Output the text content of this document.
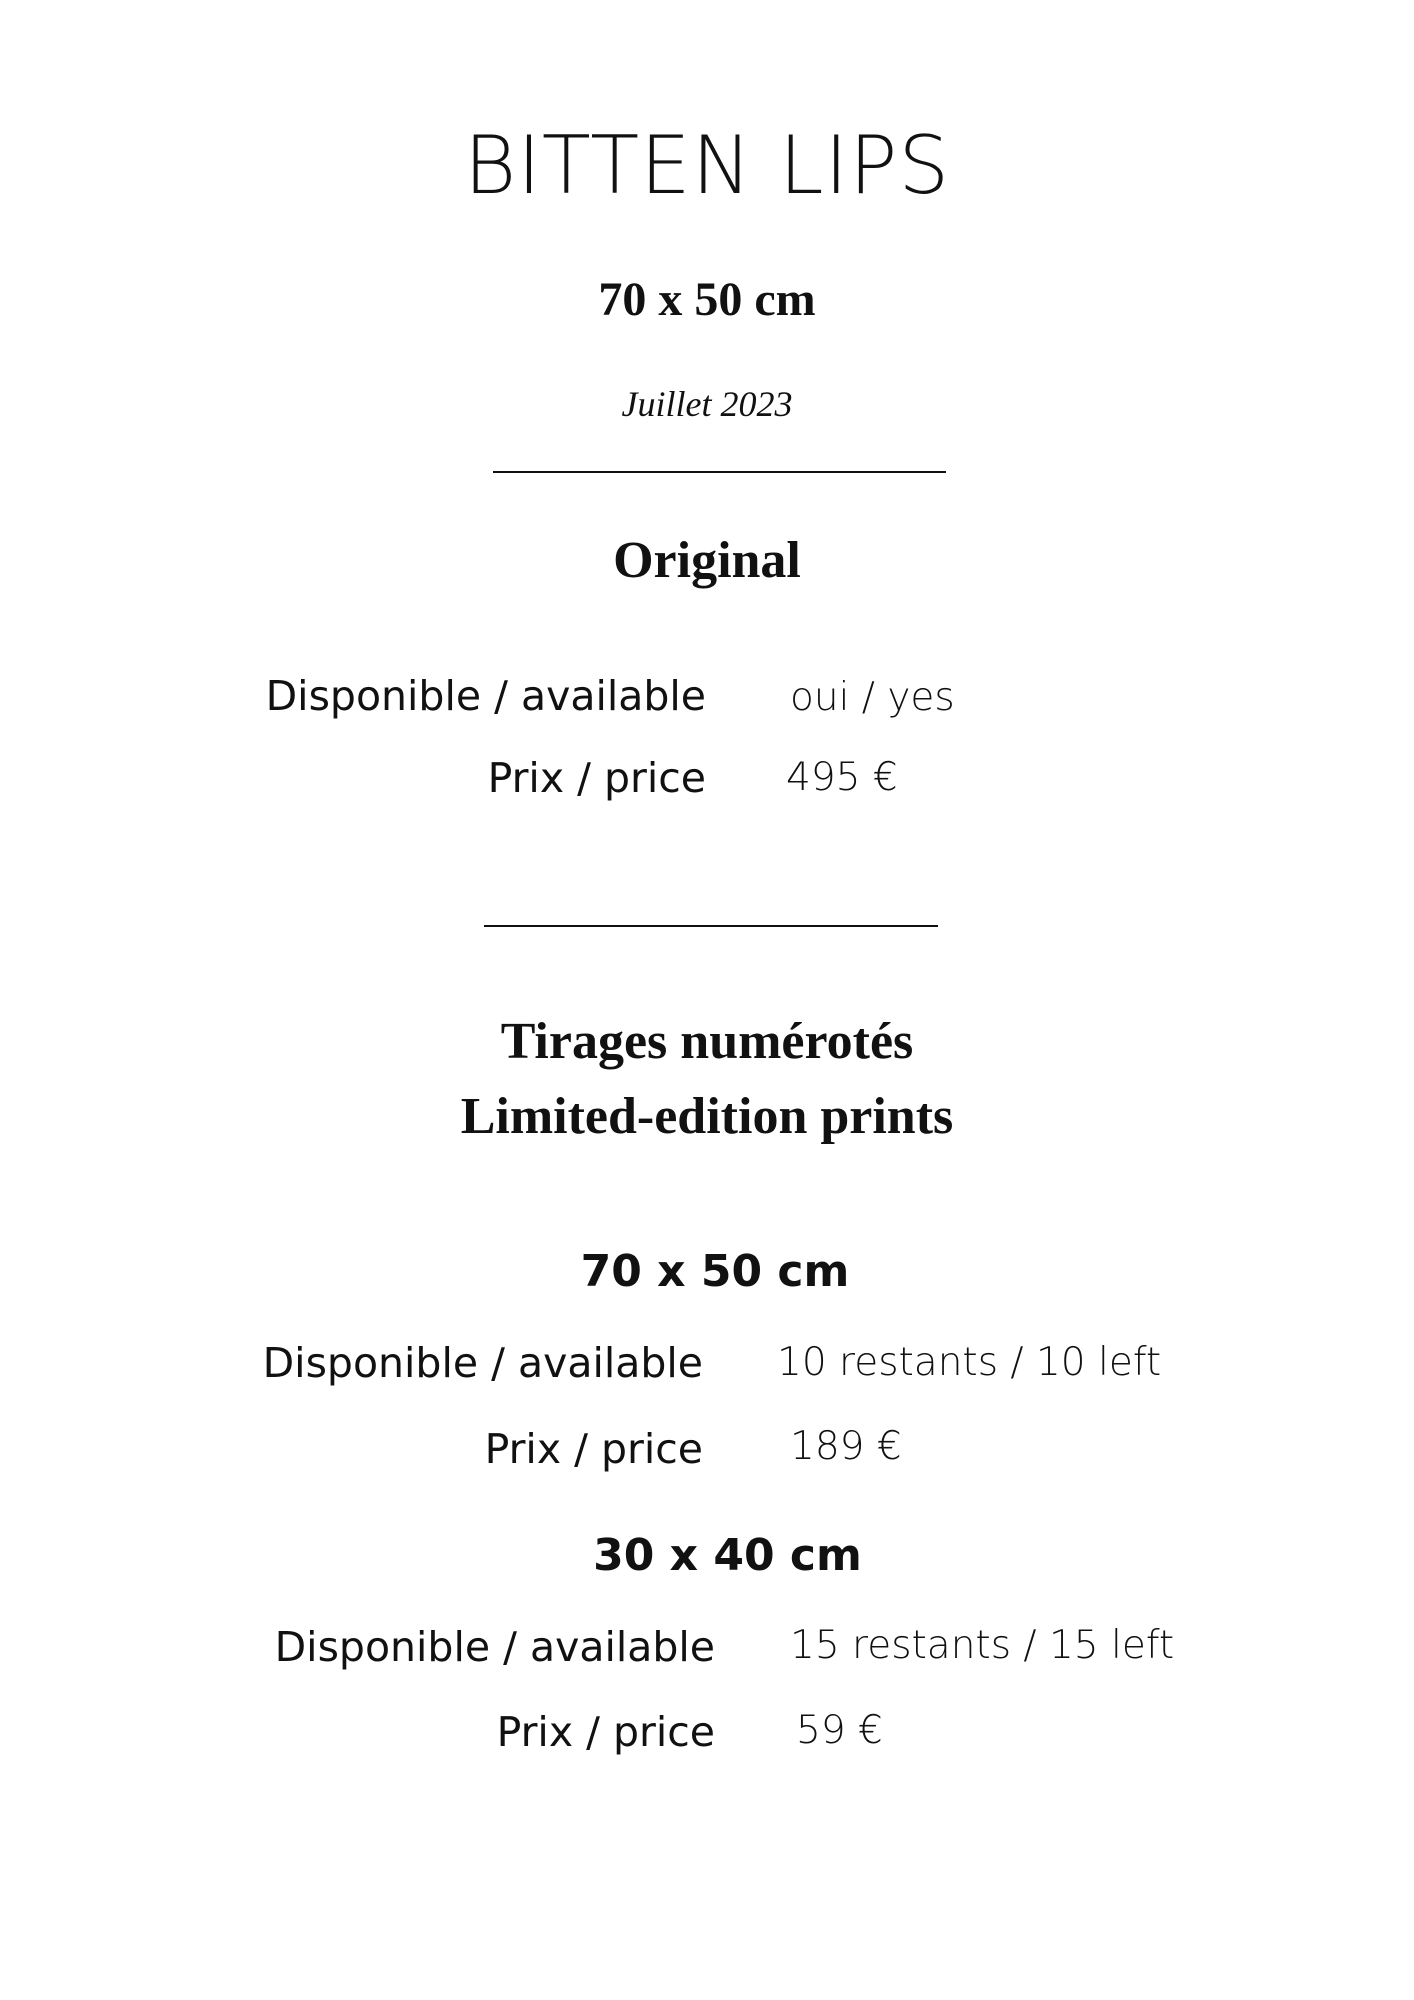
BITTEN LIPS
70 x 50 cm
Juillet 2023
Original
Disponible / available oui / yes
Prix / price 495 €
Tirages numérotés
Limited-edition prints
70 x 50 cm
Disponible / available 10 restants / 10 left
Prix / price 189 €
30 x 40 cm
Disponible / available 15 restants / 15 left
Prix / price 59 €
